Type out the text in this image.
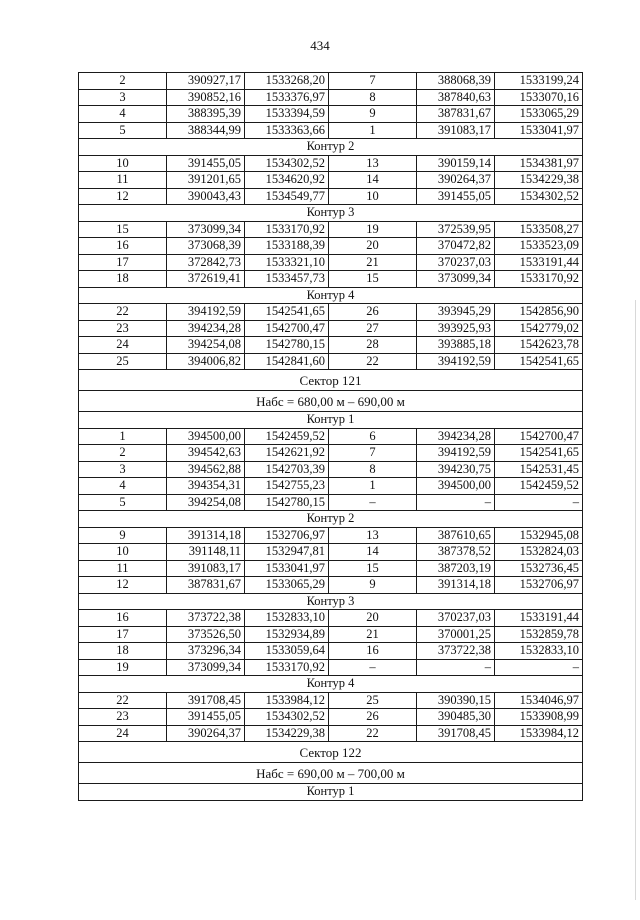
434
2	390927,17	1533268,20	7	388068,39	1533199,24
3	390852,16	1533376,97	8	387840,63	1533070,16
4	388395,39	1533394,59	9	387831,67	1533065,29
5	388344,99	1533363,66	1	391083,17	1533041,97
Контур 2					
10	391455,05	1534302,52	13	390159,14	1534381,97
11	391201,65	1534620,92	14	390264,37	1534229,38
12	390043,43	1534549,77	10	391455,05	1534302,52
Контур 3					
15	373099,34	1533170,92	19	372539,95	1533508,27
16	373068,39	1533188,39	20	370472,82	1533523,09
17	372842,73	1533321,10	21	370237,03	1533191,44
18	372619,41	1533457,73	15	373099,34	1533170,92
Контур 4					
22	394192,59	1542541,65	26	393945,29	1542856,90
23	394234,28	1542700,47	27	393925,93	1542779,02
24	394254,08	1542780,15	28	393885,18	1542623,78
25	394006,82	1542841,60	22	394192,59	1542541,65
Сектор 121					
Набс = 680,00 м – 690,00 м					
Контур 1					
1	394500,00	1542459,52	6	394234,28	1542700,47
2	394542,63	1542621,92	7	394192,59	1542541,65
3	394562,88	1542703,39	8	394230,75	1542531,45
4	394354,31	1542755,23	1	394500,00	1542459,52
5	394254,08	1542780,15	–	–	–
Контур 2					
9	391314,18	1532706,97	13	387610,65	1532945,08
10	391148,11	1532947,81	14	387378,52	1532824,03
11	391083,17	1533041,97	15	387203,19	1532736,45
12	387831,67	1533065,29	9	391314,18	1532706,97
Контур 3					
16	373722,38	1532833,10	20	370237,03	1533191,44
17	373526,50	1532934,89	21	370001,25	1532859,78
18	373296,34	1533059,64	16	373722,38	1532833,10
19	373099,34	1533170,92	–	–	–
Контур 4					
22	391708,45	1533984,12	25	390390,15	1534046,97
23	391455,05	1534302,52	26	390485,30	1533908,99
24	390264,37	1534229,38	22	391708,45	1533984,12
Сектор 122					
Набс = 690,00 м – 700,00 м					
Контур 1					
